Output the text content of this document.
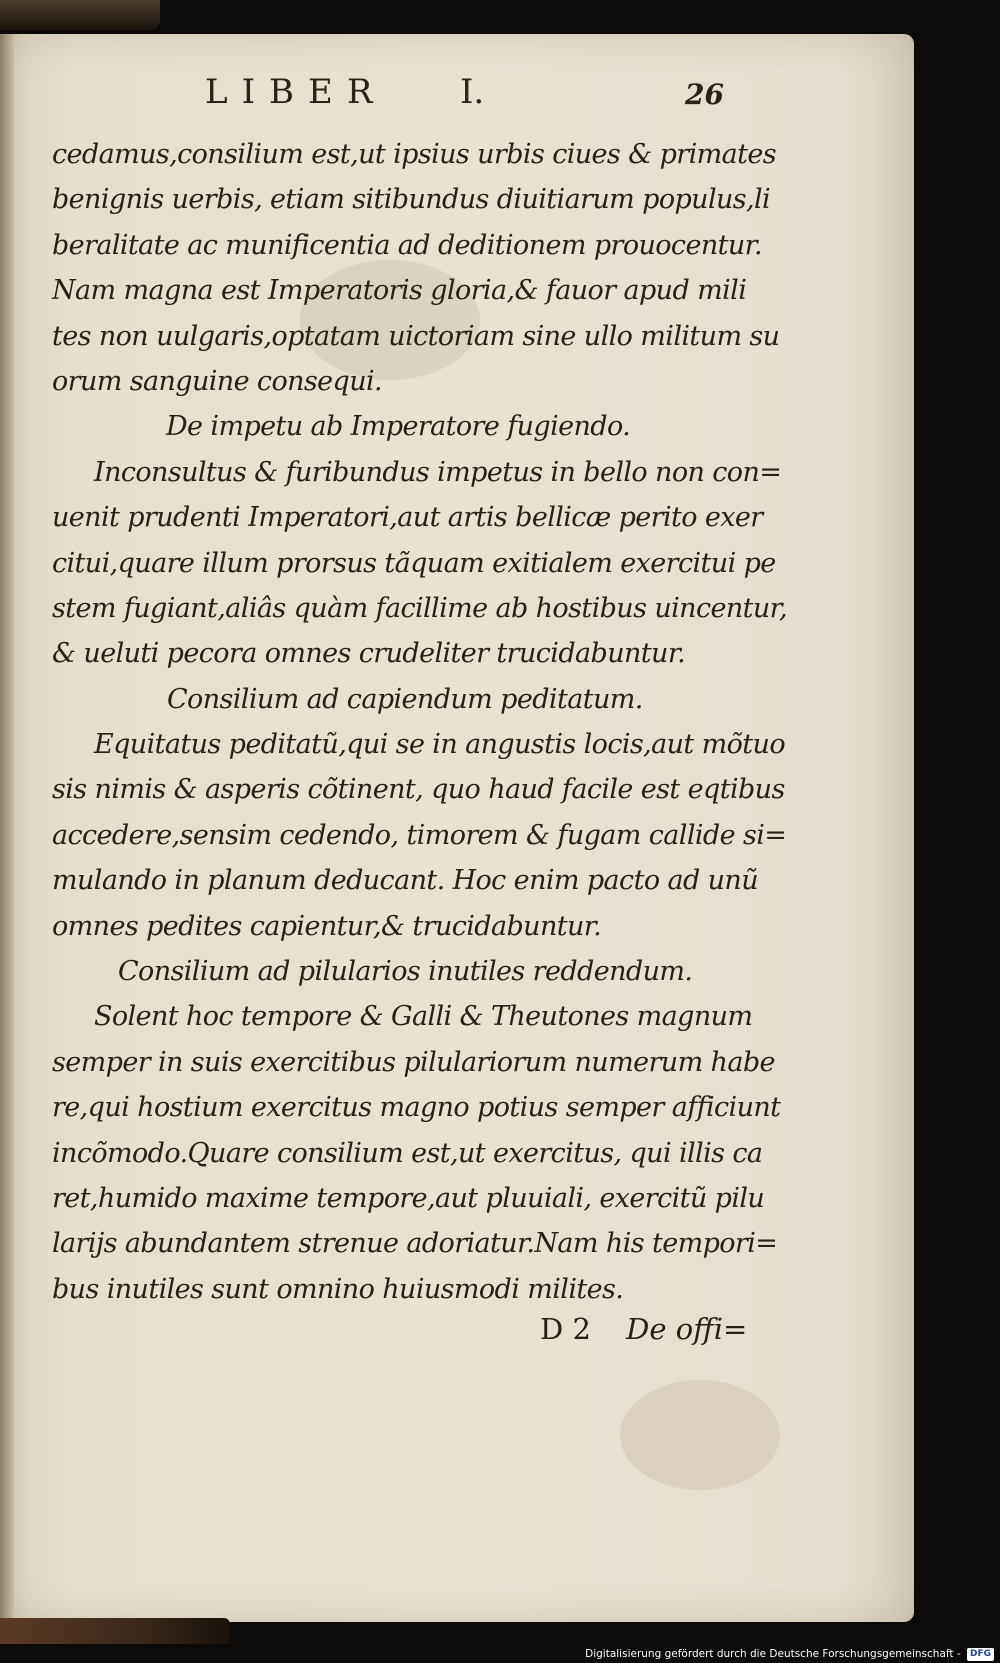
LIBER I.	26
cedamus,consilium est,ut ipsius urbis ciues & primates
benignis uerbis, etiam sitibundus diuitiarum populus,li
beralitate ac munificentia ad deditionem prouocentur.
Nam magna est Imperatoris gloria,& fauor apud mili
tes non uulgaris,optatam uictoriam sine ullo militum su
orum sanguine consequi.
De impetu ab Imperatore fugiendo.
Inconsultus & furibundus impetus in bello non con=
uenit prudenti Imperatori,aut artis bellicæ perito exer
citui,quare illum prorsus tãquam exitialem exercitui pe
stem fugiant,aliâs quàm facillime ab hostibus uincentur,
& ueluti pecora omnes crudeliter trucidabuntur.
Consilium ad capiendum peditatum.
Equitatus peditatũ,qui se in angustis locis,aut mõtuo
sis nimis & asperis cõtinent, quo haud facile est eqtibus
accedere,sensim cedendo, timorem & fugam callide si=
mulando in planum deducant. Hoc enim pacto ad unũ
omnes pedites capientur,& trucidabuntur.
Consilium ad pilularios inutiles reddendum.
Solent hoc tempore & Galli & Theutones magnum
semper in suis exercitibus pilulariorum numerum habe
re,qui hostium exercitus magno potius semper afficiunt
incõmodo.Quare consilium est,ut exercitus, qui illis ca
ret,humido maxime tempore,aut pluuiali, exercitũ pilu
larijs abundantem strenue adoriatur.Nam his tempori=
bus inutiles sunt omnino huiusmodi milites.
D 2 De offi=
Digitalisierung gefördert durch die Deutsche Forschungsgemeinschaft - DFG
